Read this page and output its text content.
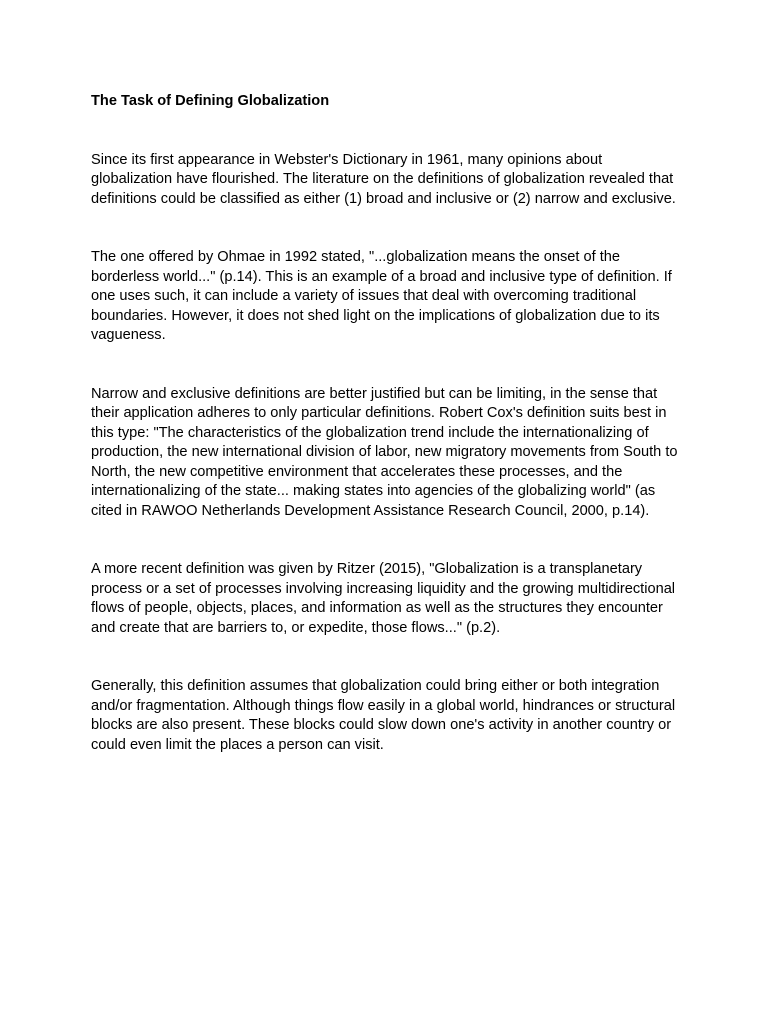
The Task of Defining Globalization

Since its first appearance in Webster's Dictionary in 1961, many opinions about globalization have flourished. The literature on the definitions of globalization revealed that definitions could be classified as either (1) broad and inclusive or (2) narrow and exclusive.

The one offered by Ohmae in 1992 stated, "...globalization means the onset of the borderless world..." (p.14). This is an example of a broad and inclusive type of definition. If one uses such, it can include a variety of issues that deal with overcoming traditional boundaries. However, it does not shed light on the implications of globalization due to its vagueness.

Narrow and exclusive definitions are better justified but can be limiting, in the sense that their application adheres to only particular definitions. Robert Cox's definition suits best in this type: "The characteristics of the globalization trend include the internationalizing of production, the new international division of labor, new migratory movements from South to North, the new competitive environment that accelerates these processes, and the internationalizing of the state... making states into agencies of the globalizing world" (as cited in RAWOO Netherlands Development Assistance Research Council, 2000, p.14).

A more recent definition was given by Ritzer (2015), "Globalization is a transplanetary process or a set of processes involving increasing liquidity and the growing multidirectional flows of people, objects, places, and information as well as the structures they encounter and create that are barriers to, or expedite, those flows..." (p.2).

Generally, this definition assumes that globalization could bring either or both integration and/or fragmentation. Although things flow easily in a global world, hindrances or structural blocks are also present. These blocks could slow down one's activity in another country or could even limit the places a person can visit.
